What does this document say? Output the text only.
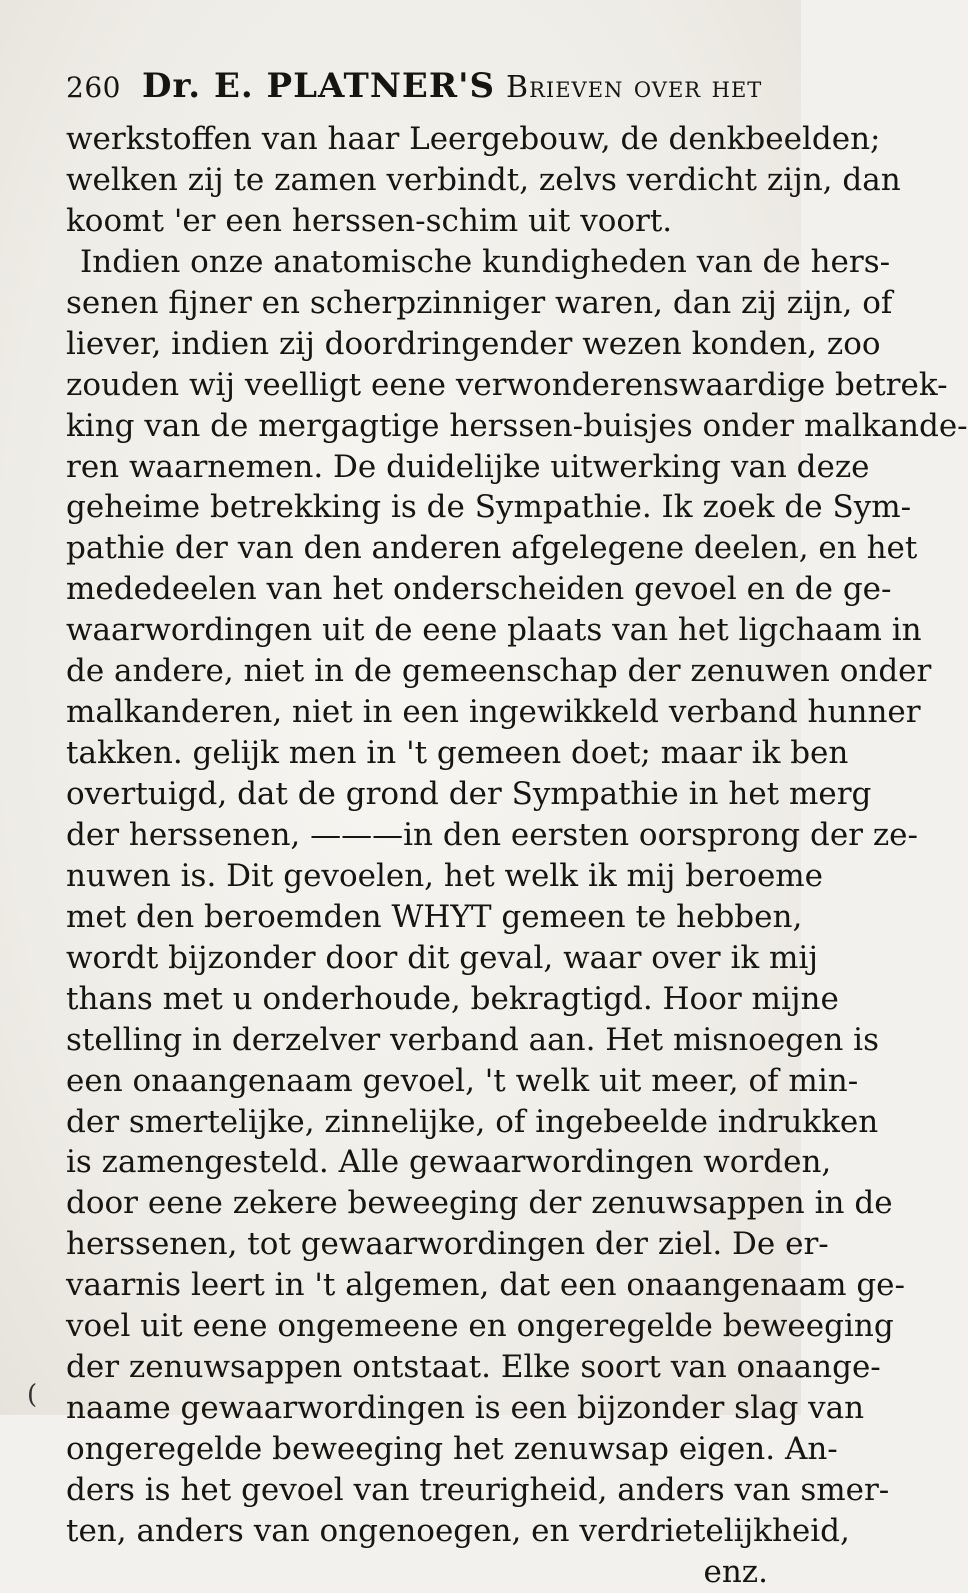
260 Dr. E. PLATNER'S Brieven over het
werkstoffen van haar Leergebouw, de denkbeelden;
welken zij te zamen verbindt, zelvs verdicht zijn, dan
koomt 'er een herssen-schim uit voort.
Indien onze anatomische kundigheden van de hers-
senen fijner en scherpzinniger waren, dan zij zijn, of
liever, indien zij doordringender wezen konden, zoo
zouden wij veelligt eene verwonderenswaardige betrek-
king van de mergagtige herssen-buisjes onder malkande-
ren waarnemen. De duidelijke uitwerking van deze
geheime betrekking is de Sympathie. Ik zoek de Sym-
pathie der van den anderen afgelegene deelen, en het
mededeelen van het onderscheiden gevoel en de ge-
waarwordingen uit de eene plaats van het ligchaam in
de andere, niet in de gemeenschap der zenuwen onder
malkanderen, niet in een ingewikkeld verband hunner
takken. gelijk men in 't gemeen doet; maar ik ben
overtuigd, dat de grond der Sympathie in het merg
der herssenen, ———in den eersten oorsprong der ze-
nuwen is. Dit gevoelen, het welk ik mij beroeme
met den beroemden WHYT gemeen te hebben,
wordt bijzonder door dit geval, waar over ik mij
thans met u onderhoude, bekragtigd. Hoor mijne
stelling in derzelver verband aan. Het misnoegen is
een onaangenaam gevoel, 't welk uit meer, of min-
der smertelijke, zinnelijke, of ingebeelde indrukken
is zamengesteld. Alle gewaarwordingen worden,
door eene zekere beweeging der zenuwsappen in de
herssenen, tot gewaarwordingen der ziel. De er-
vaarnis leert in 't algemen, dat een onaangenaam ge-
voel uit eene ongemeene en ongeregelde beweeging
der zenuwsappen ontstaat. Elke soort van onaange-
naame gewaarwordingen is een bijzonder slag van
ongeregelde beweeging het zenuwsap eigen. An-
ders is het gevoel van treurigheid, anders van smer-
ten, anders van ongenoegen, en verdrietelijkheid,
enz.
(
